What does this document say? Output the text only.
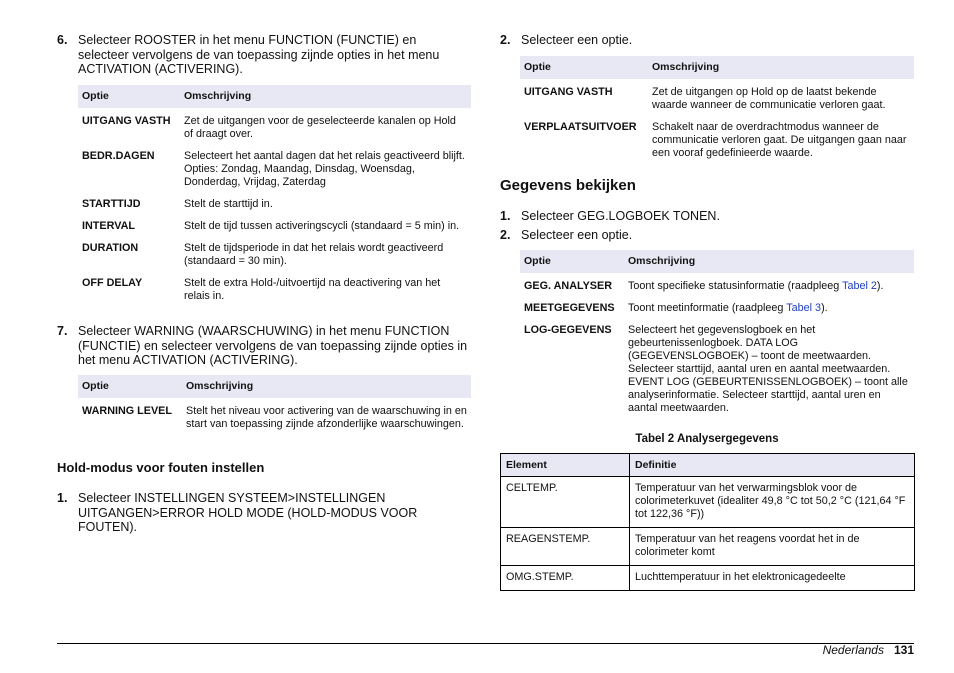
6. Selecteer ROOSTER in het menu FUNCTION (FUNCTIE) en selecteer vervolgens de van toepassing zijnde opties in het menu ACTIVATION (ACTIVERING).
Optie	Omschrijving
UITGANG VASTH	Zet de uitgangen voor de geselecteerde kanalen op Hold of draagt over.
BEDR.DAGEN	Selecteert het aantal dagen dat het relais geactiveerd blijft. Opties: Zondag, Maandag, Dinsdag, Woensdag, Donderdag, Vrijdag, Zaterdag
STARTTIJD	Stelt de starttijd in.
INTERVAL	Stelt de tijd tussen activeringscycli (standaard = 5 min) in.
DURATION	Stelt de tijdsperiode in dat het relais wordt geactiveerd (standaard = 30 min).
OFF DELAY	Stelt de extra Hold-/uitvoertijd na deactivering van het relais in.
7. Selecteer WARNING (WAARSCHUWING) in het menu FUNCTION (FUNCTIE) en selecteer vervolgens de van toepassing zijnde opties in het menu ACTIVATION (ACTIVERING).
Optie	Omschrijving
WARNING LEVEL	Stelt het niveau voor activering van de waarschuwing in en start van toepassing zijnde afzonderlijke waarschuwingen.
Hold-modus voor fouten instellen
1. Selecteer INSTELLINGEN SYSTEEM>INSTELLINGEN UITGANGEN>ERROR HOLD MODE (HOLD-MODUS VOOR FOUTEN).
2. Selecteer een optie.
Optie	Omschrijving
UITGANG VASTH	Zet de uitgangen op Hold op de laatst bekende waarde wanneer de communicatie verloren gaat.
VERPLAATSUITVOER	Schakelt naar de overdrachtmodus wanneer de communicatie verloren gaat. De uitgangen gaan naar een vooraf gedefinieerde waarde.
Gegevens bekijken
1. Selecteer GEG.LOGBOEK TONEN.
2. Selecteer een optie.
Optie	Omschrijving
GEG. ANALYSER	Toont specifieke statusinformatie (raadpleeg Tabel 2).
MEETGEGEVENS	Toont meetinformatie (raadpleeg Tabel 3).
LOG-GEGEVENS	Selecteert het gegevenslogboek en het gebeurtenissenlogboek. DATA LOG (GEGEVENSLOGBOEK) – toont de meetwaarden. Selecteer starttijd, aantal uren en aantal meetwaarden. EVENT LOG (GEBEURTENISSENLOGBOEK) – toont alle analyserinformatie. Selecteer starttijd, aantal uren en aantal meetwaarden.
Tabel 2 Analysergegevens
Element	Definitie
CELTEMP.	Temperatuur van het verwarmingsblok voor de colorimeterkuvet (idealiter 49,8 °C tot 50,2 °C (121,64 °F tot 122,36 °F))
REAGENSTEMP.	Temperatuur van het reagens voordat het in de colorimeter komt
OMG.STEMP.	Luchttemperatuur in het elektronicagedeelte
Nederlands 131
